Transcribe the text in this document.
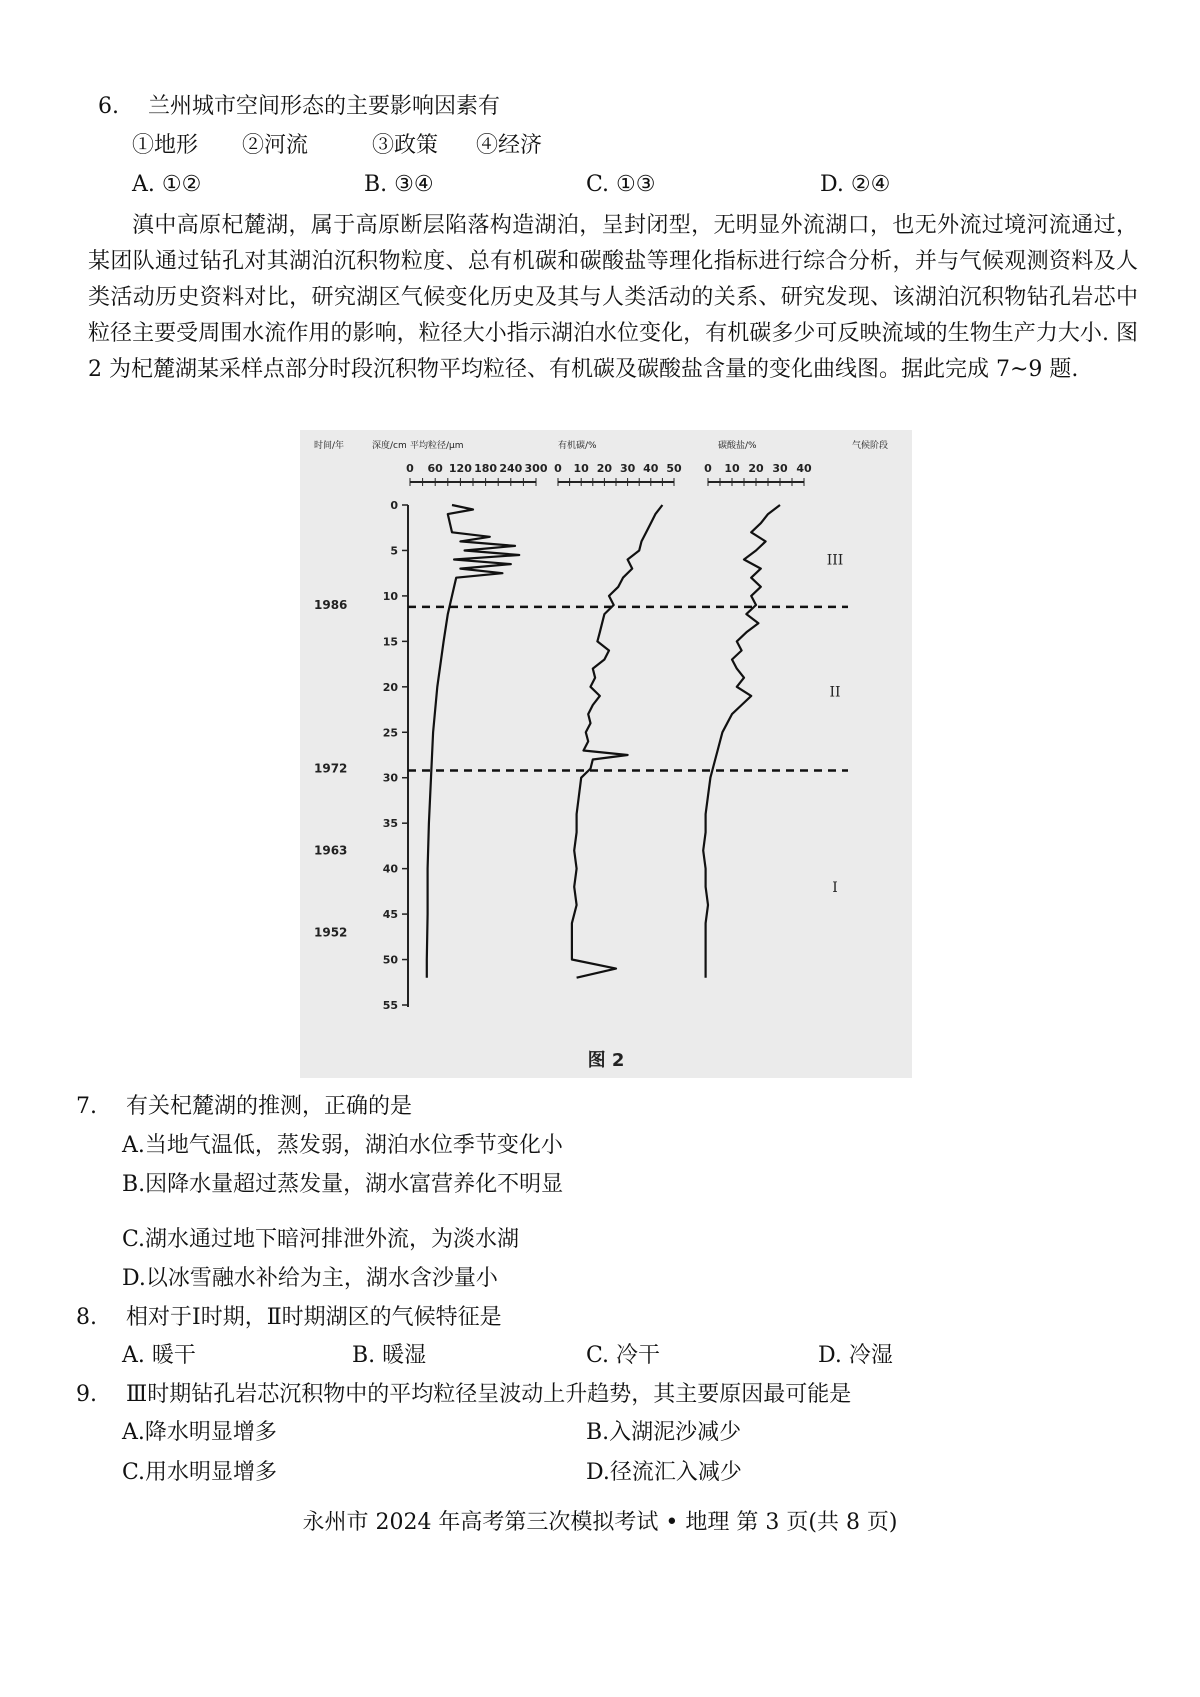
6. 兰州城市空间形态的主要影响因素有
①地形 ②河流	③政策 ④经济
A. ①②	B. ③④	C. ①③	D. ②④
滇中高原杞麓湖，属于高原断层陷落构造湖泊，呈封闭型，无明显外流湖口，也无外流过境河流通过，某团队通过钻孔对其湖泊沉积物粒度、总有机碳和碳酸盐等理化指标进行综合分析，并与气候观测资料及人类活动历史资料对比，研究湖区气候变化历史及其与人类活动的关系、研究发现、该湖泊沉积物钻孔岩芯中粒径主要受周围水流作用的影响，粒径大小指示湖泊水位变化，有机碳多少可反映流域的生物生产力大小. 图 2 为杞麓湖某采样点部分时段沉积物平均粒径、有机碳及碳酸盐含量的变化曲线图。据此完成 7~9 题.
时间/年	深度/cm 平均粒径/μm	有机碳/%	碳酸盐/%	气候阶段
0
5
10
15
20
25
30
35
40
45
50
55
1986
1972
1963
1952
III
II
I
0 60 120 180 240 300 0 10 20 30 40 50 0 10 20 30 40
图 2
7. 有关杞麓湖的推测，正确的是
A.当地气温低，蒸发弱，湖泊水位季节变化小
B.因降水量超过蒸发量，湖水富营养化不明显
C.湖水通过地下暗河排泄外流，为淡水湖
D.以冰雪融水补给为主，湖水含沙量小
8. 相对于Ⅰ时期，Ⅱ时期湖区的气候特征是
A. 暖干	B. 暖湿	C. 冷干	D. 冷湿
9. Ⅲ时期钻孔岩芯沉积物中的平均粒径呈波动上升趋势，其主要原因最可能是
A.降水明显增多	B.入湖泥沙减少
C.用水明显增多	D.径流汇入减少
永州市 2024 年高考第三次模拟考试 • 地理 第 3 页(共 8 页)
